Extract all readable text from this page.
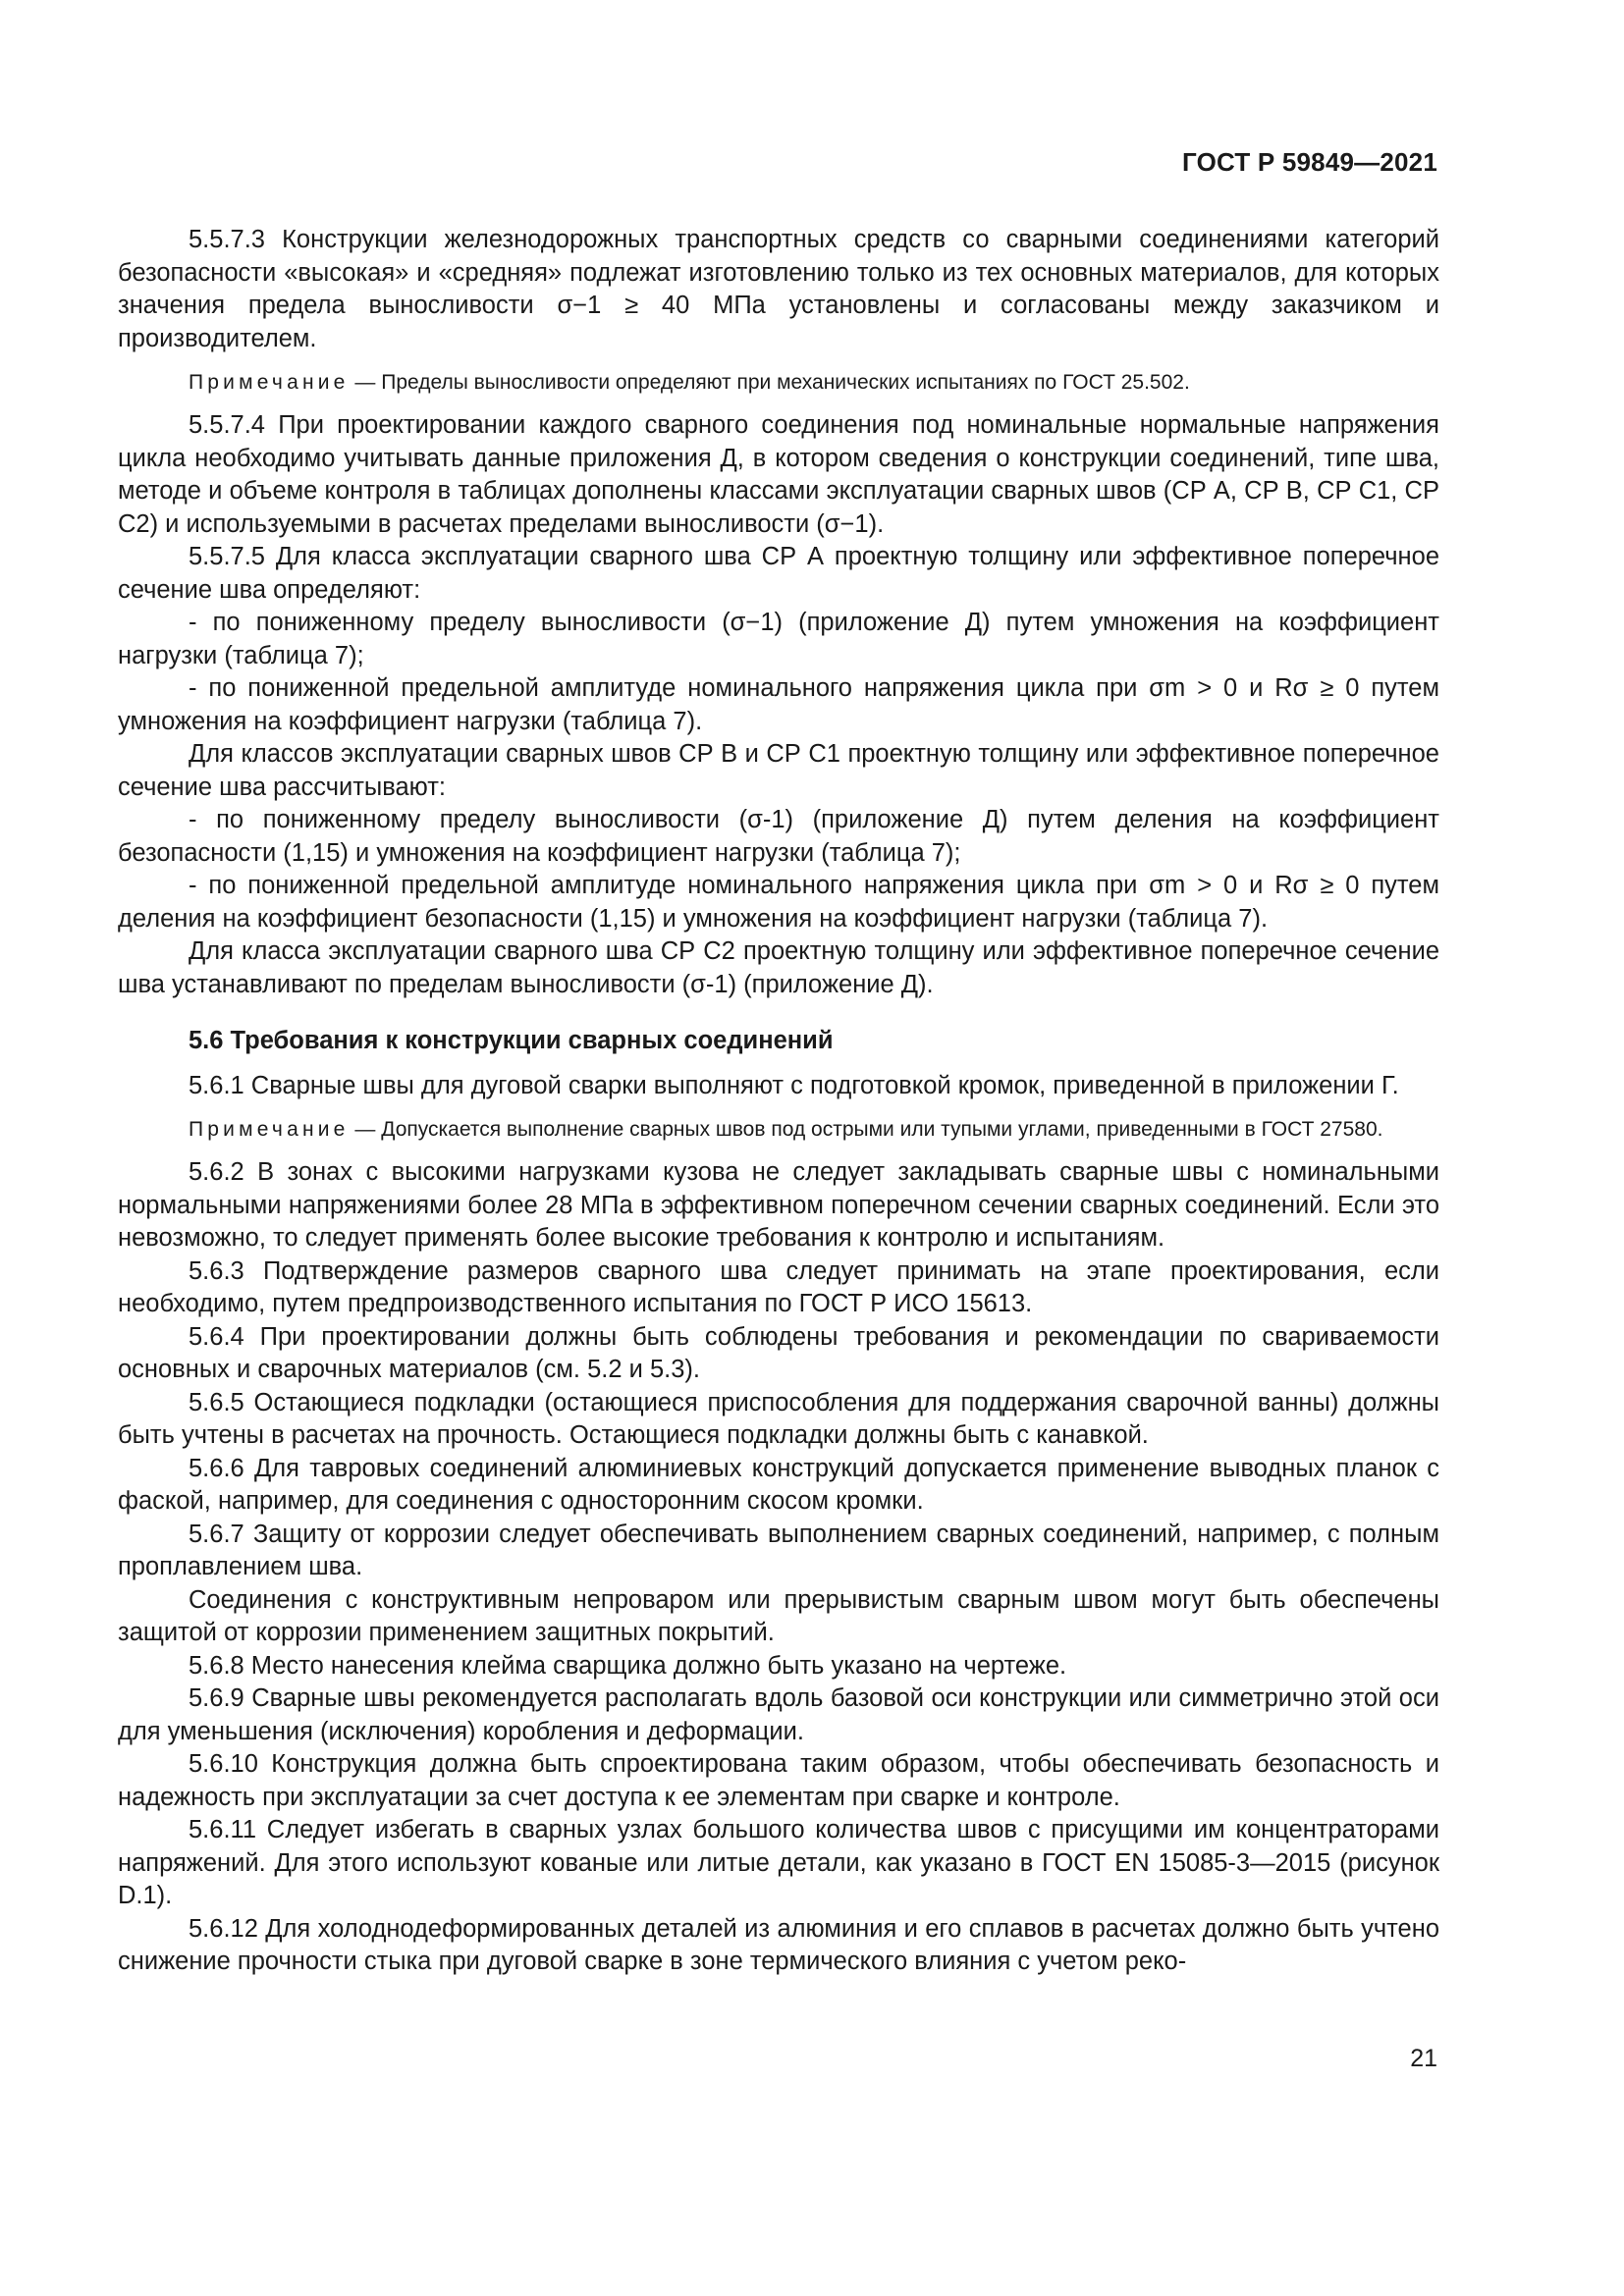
ГОСТ Р 59849—2021

5.5.7.3 Конструкции железнодорожных транспортных средств со сварными соединениями категорий безопасности «высокая» и «средняя» подлежат изготовлению только из тех основных материалов, для которых значения предела выносливости σ−1 ≥ 40 МПа установлены и согласованы между заказчиком и производителем.

Примечание — Пределы выносливости определяют при механических испытаниях по ГОСТ 25.502.

5.5.7.4 При проектировании каждого сварного соединения под номинальные нормальные напряжения цикла необходимо учитывать данные приложения Д, в котором сведения о конструкции соединений, типе шва, методе и объеме контроля в таблицах дополнены классами эксплуатации сварных швов (СР А, СР В, СР С1, СР С2) и используемыми в расчетах пределами выносливости (σ−1).

5.5.7.5 Для класса эксплуатации сварного шва СР А проектную толщину или эффективное поперечное сечение шва определяют:

- по пониженному пределу выносливости (σ−1) (приложение Д) путем умножения на коэффициент нагрузки (таблица 7);

- по пониженной предельной амплитуде номинального напряжения цикла при σm > 0 и Rσ ≥ 0 путем умножения на коэффициент нагрузки (таблица 7).

Для классов эксплуатации сварных швов СР В и СР С1 проектную толщину или эффективное поперечное сечение шва рассчитывают:

- по пониженному пределу выносливости (σ-1) (приложение Д) путем деления на коэффициент безопасности (1,15) и умножения на коэффициент нагрузки (таблица 7);

- по пониженной предельной амплитуде номинального напряжения цикла при σm > 0 и Rσ ≥ 0 путем деления на коэффициент безопасности (1,15) и умножения на коэффициент нагрузки (таблица 7).

Для класса эксплуатации сварного шва СР С2 проектную толщину или эффективное поперечное сечение шва устанавливают по пределам выносливости (σ-1) (приложение Д).

5.6 Требования к конструкции сварных соединений

5.6.1 Сварные швы для дуговой сварки выполняют с подготовкой кромок, приведенной в приложении Г.

Примечание — Допускается выполнение сварных швов под острыми или тупыми углами, приведенными в ГОСТ 27580.

5.6.2 В зонах с высокими нагрузками кузова не следует закладывать сварные швы с номинальными нормальными напряжениями более 28 МПа в эффективном поперечном сечении сварных соединений. Если это невозможно, то следует применять более высокие требования к контролю и испытаниям.

5.6.3 Подтверждение размеров сварного шва следует принимать на этапе проектирования, если необходимо, путем предпроизводственного испытания по ГОСТ Р ИСО 15613.

5.6.4 При проектировании должны быть соблюдены требования и рекомендации по свариваемости основных и сварочных материалов (см. 5.2 и 5.3).

5.6.5 Остающиеся подкладки (остающиеся приспособления для поддержания сварочной ванны) должны быть учтены в расчетах на прочность. Остающиеся подкладки должны быть с канавкой.

5.6.6 Для тавровых соединений алюминиевых конструкций допускается применение выводных планок с фаской, например, для соединения с односторонним скосом кромки.

5.6.7 Защиту от коррозии следует обеспечивать выполнением сварных соединений, например, с полным проплавлением шва.

Соединения с конструктивным непроваром или прерывистым сварным швом могут быть обеспечены защитой от коррозии применением защитных покрытий.

5.6.8 Место нанесения клейма сварщика должно быть указано на чертеже.

5.6.9 Сварные швы рекомендуется располагать вдоль базовой оси конструкции или симметрично этой оси для уменьшения (исключения) коробления и деформации.

5.6.10 Конструкция должна быть спроектирована таким образом, чтобы обеспечивать безопасность и надежность при эксплуатации за счет доступа к ее элементам при сварке и контроле.

5.6.11 Следует избегать в сварных узлах большого количества швов с присущими им концентраторами напряжений. Для этого используют кованые или литые детали, как указано в ГОСТ EN 15085-3—2015 (рисунок D.1).

5.6.12 Для холоднодеформированных деталей из алюминия и его сплавов в расчетах должно быть учтено снижение прочности стыка при дуговой сварке в зоне термического влияния с учетом реко-

21
